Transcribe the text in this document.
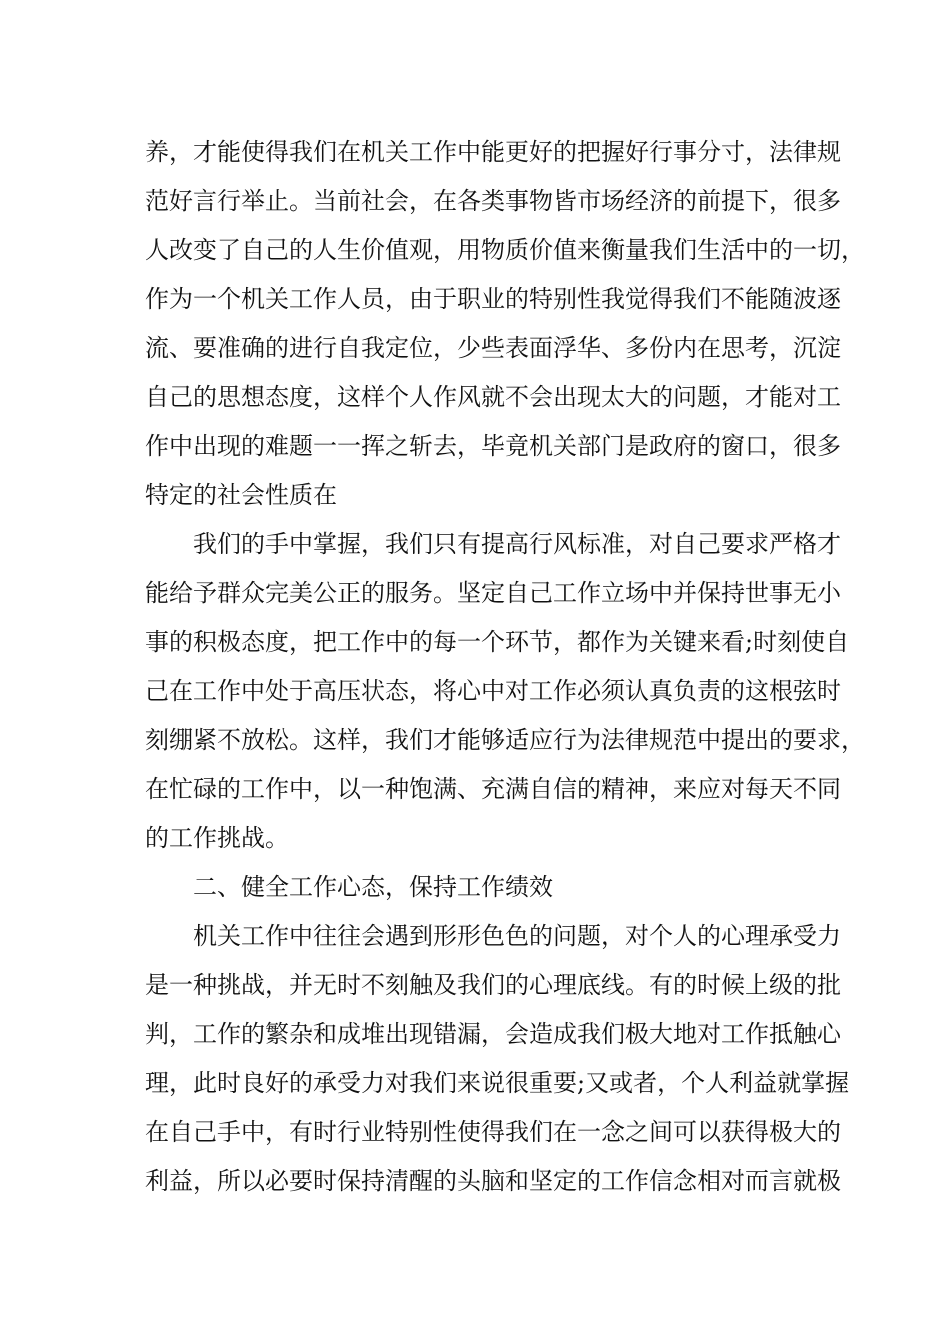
养，才能使得我们在机关工作中能更好的把握好行事分寸，法律规
范好言行举止。当前社会，在各类事物皆市场经济的前提下，很多
人改变了自己的人生价值观，用物质价值来衡量我们生活中的一切，
作为一个机关工作人员，由于职业的特别性我觉得我们不能随波逐
流、要准确的进行自我定位，少些表面浮华、多份内在思考，沉淀
自己的思想态度，这样个人作风就不会出现太大的问题，才能对工
作中出现的难题一一挥之斩去，毕竟机关部门是政府的窗口，很多
特定的社会性质在
我们的手中掌握，我们只有提高行风标准，对自己要求严格才
能给予群众完美公正的服务。坚定自己工作立场中并保持世事无小
事的积极态度，把工作中的每一个环节，都作为关键来看;时刻使自
己在工作中处于高压状态，将心中对工作必须认真负责的这根弦时
刻绷紧不放松。这样，我们才能够适应行为法律规范中提出的要求，
在忙碌的工作中，以一种饱满、充满自信的精神，来应对每天不同
的工作挑战。
二、健全工作心态，保持工作绩效
机关工作中往往会遇到形形色色的问题，对个人的心理承受力
是一种挑战，并无时不刻触及我们的心理底线。有的时候上级的批
判，工作的繁杂和成堆出现错漏，会造成我们极大地对工作抵触心
理，此时良好的承受力对我们来说很重要;又或者，个人利益就掌握
在自己手中，有时行业特别性使得我们在一念之间可以获得极大的
利益，所以必要时保持清醒的头脑和坚定的工作信念相对而言就极
